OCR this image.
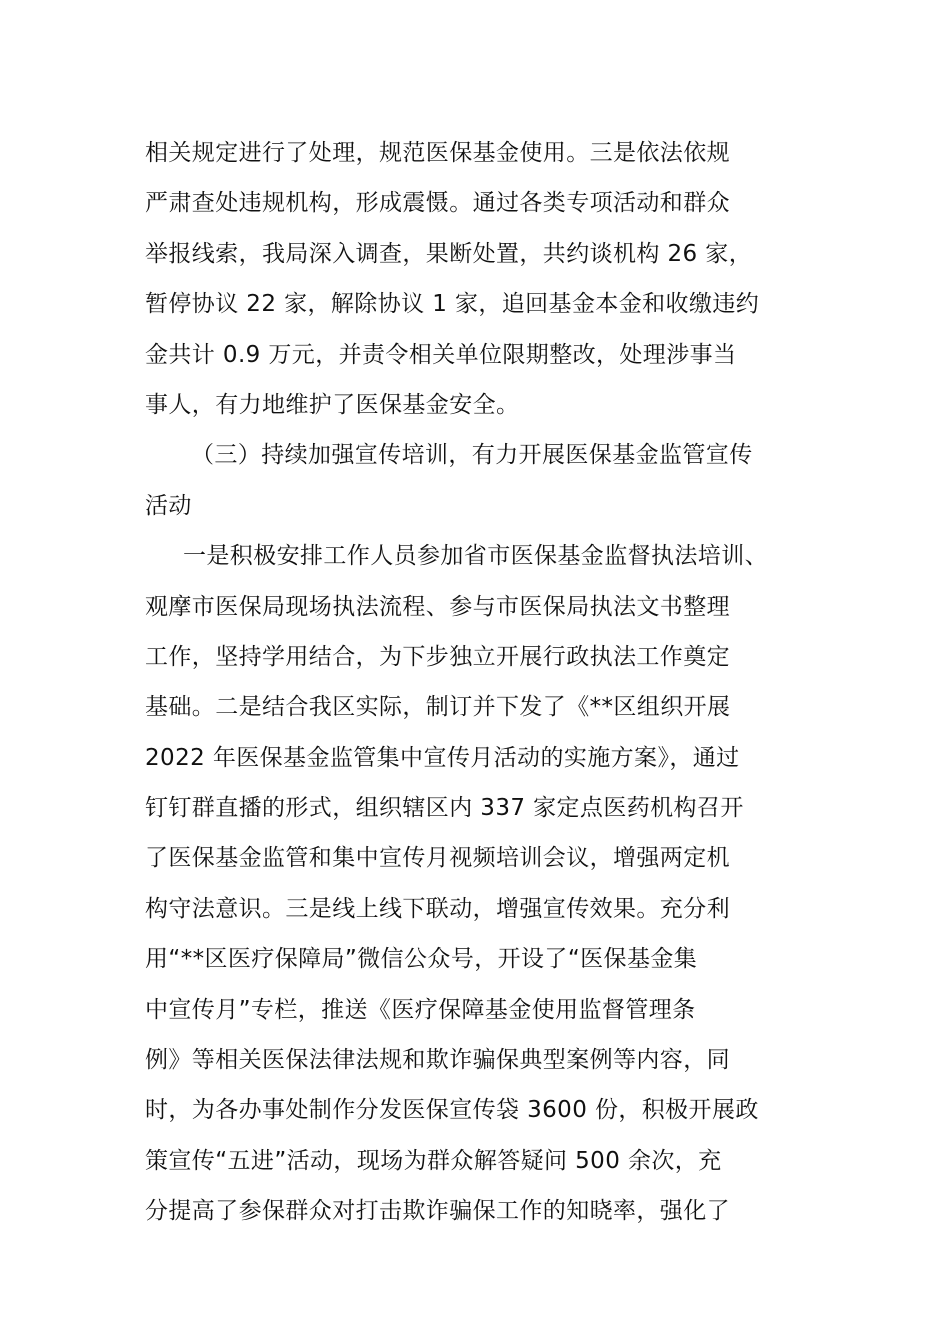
相关规定进行了处理，规范医保基金使用。三是依法依规
严肃查处违规机构，形成震慑。通过各类专项活动和群众
举报线索，我局深入调查，果断处置，共约谈机构 26 家，
暂停协议 22 家，解除协议 1 家，追回基金本金和收缴违约
金共计 0.9 万元，并责令相关单位限期整改，处理涉事当
事人，有力地维护了医保基金安全。
（三）持续加强宣传培训，有力开展医保基金监管宣传
活动
一是积极安排工作人员参加省市医保基金监督执法培训、
观摩市医保局现场执法流程、参与市医保局执法文书整理
工作，坚持学用结合，为下步独立开展行政执法工作奠定
基础。二是结合我区实际，制订并下发了《**区组织开展
2022 年医保基金监管集中宣传月活动的实施方案》，通过
钉钉群直播的形式，组织辖区内 337 家定点医药机构召开
了医保基金监管和集中宣传月视频培训会议，增强两定机
构守法意识。三是线上线下联动，增强宣传效果。充分利
用“**区医疗保障局”微信公众号，开设了“医保基金集
中宣传月”专栏，推送《医疗保障基金使用监督管理条
例》等相关医保法律法规和欺诈骗保典型案例等内容，同
时，为各办事处制作分发医保宣传袋 3600 份，积极开展政
策宣传“五进”活动，现场为群众解答疑问 500 余次，充
分提高了参保群众对打击欺诈骗保工作的知晓率，强化了
